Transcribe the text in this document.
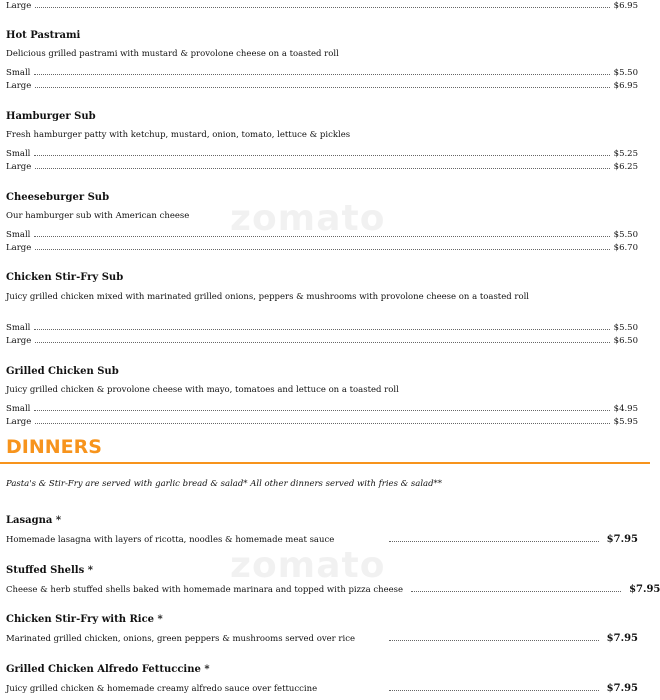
zomato
zomato
Large	$6.95
Hot Pastrami
Delicious grilled pastrami with mustard & provolone cheese on a toasted roll
Small	$5.50
Large	$6.95
Hamburger Sub
Fresh hamburger patty with ketchup, mustard, onion, tomato, lettuce & pickles
Small	$5.25
Large	$6.25
Cheeseburger Sub
Our hamburger sub with American cheese
Small	$5.50
Large	$6.70
Chicken Stir-Fry Sub
Juicy grilled chicken mixed with marinated grilled onions, peppers & mushrooms with provolone cheese on a toasted roll
Small	$5.50
Large	$6.50
Grilled Chicken Sub
Juicy grilled chicken & provolone cheese with mayo, tomatoes and lettuce on a toasted roll
Small	$4.95
Large	$5.95
DINNERS
Pasta's & Stir-Fry are served with garlic bread & salad* All other dinners served with fries & salad**
Lasagna *
Homemade lasagna with layers of ricotta, noodles & homemade meat sauce	$7.95
Stuffed Shells *
Cheese & herb stuffed shells baked with homemade marinara and topped with pizza cheese	$7.95
Chicken Stir-Fry with Rice *
Marinated grilled chicken, onions, green peppers & mushrooms served over rice	$7.95
Grilled Chicken Alfredo Fettuccine *
Juicy grilled chicken & homemade creamy alfredo sauce over fettuccine	$7.95
